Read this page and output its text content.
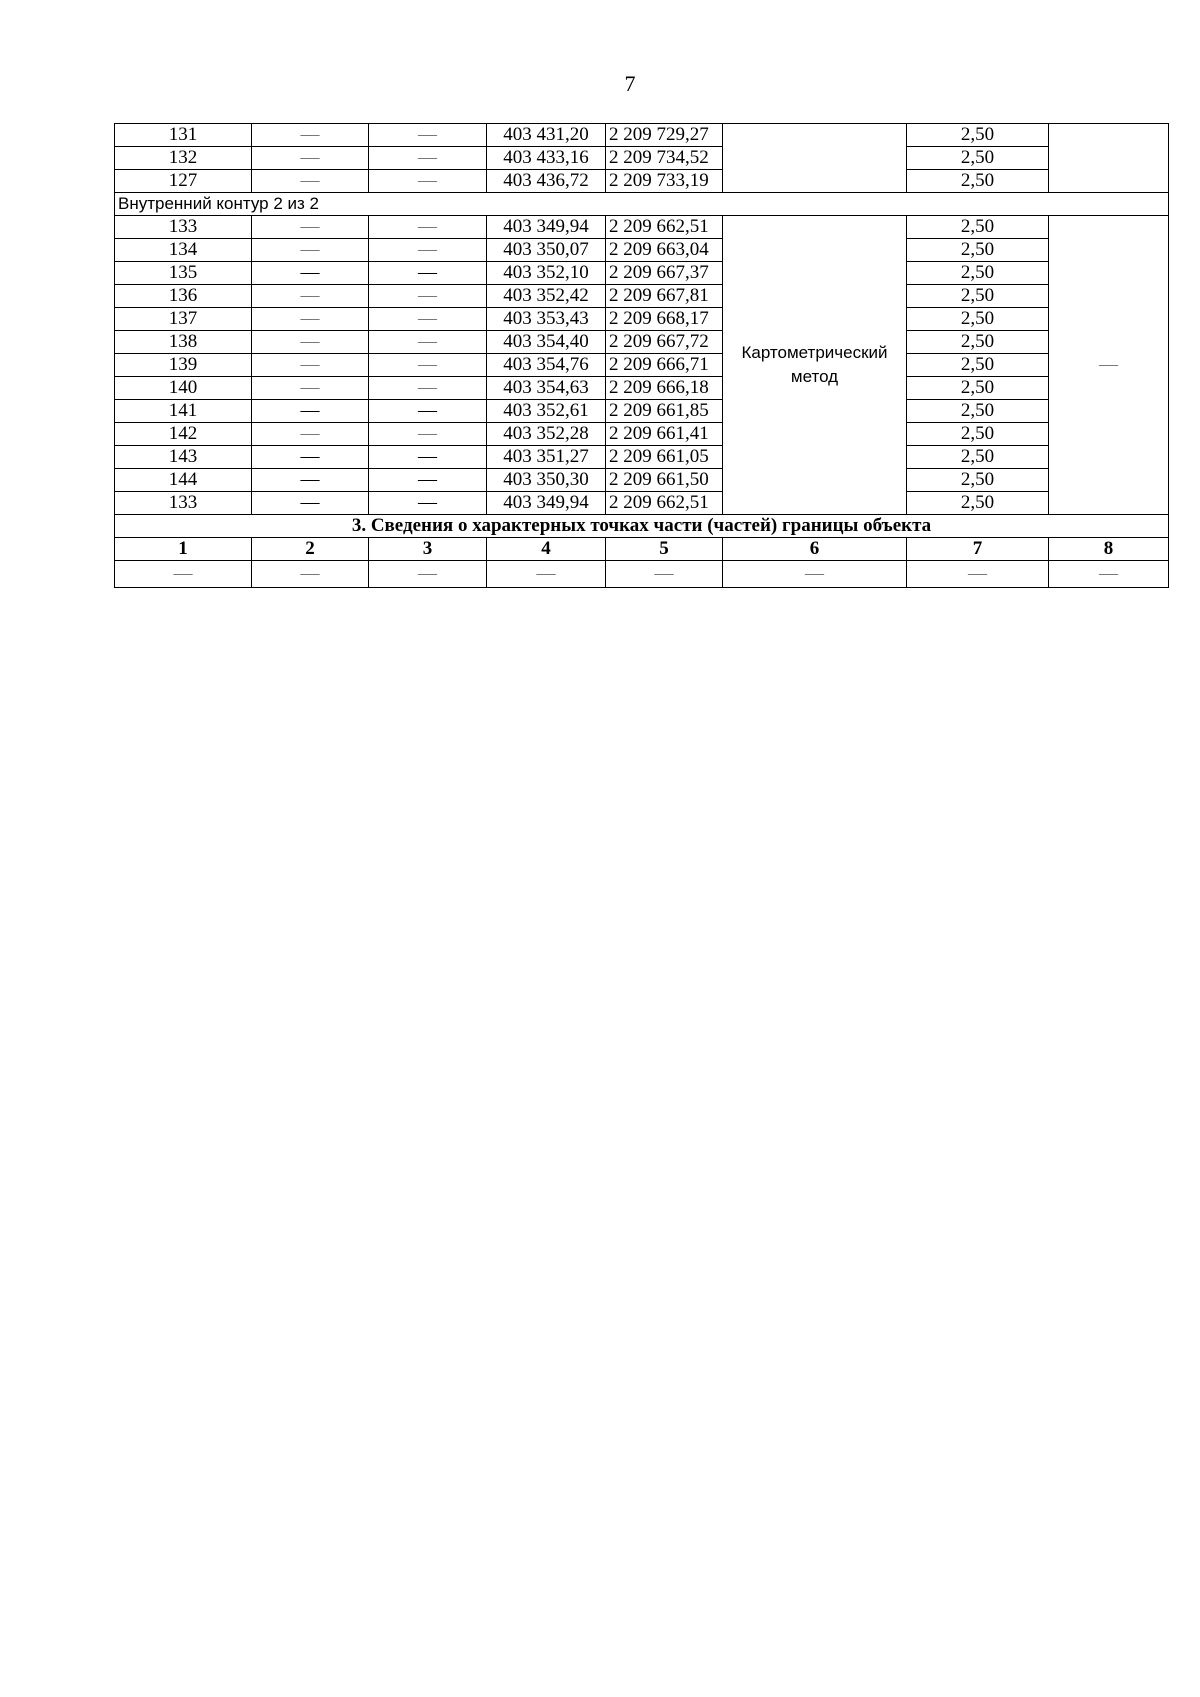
7
131	—	—	403 431,20	2 209 729,27		2,50	
132	—	—	403 433,16	2 209 734,52		2,50	
127	—	—	403 436,72	2 209 733,19		2,50	
Внутренний контур 2 из 2							
133	—	—	403 349,94	2 209 662,51	Картометрический метод	2,50	—
134	—	—	403 350,07	2 209 663,04		2,50	
135	—	—	403 352,10	2 209 667,37		2,50	
136	—	—	403 352,42	2 209 667,81		2,50	
137	—	—	403 353,43	2 209 668,17		2,50	
138	—	—	403 354,40	2 209 667,72		2,50	
139	—	—	403 354,76	2 209 666,71		2,50	
140	—	—	403 354,63	2 209 666,18		2,50	
141	—	—	403 352,61	2 209 661,85		2,50	
142	—	—	403 352,28	2 209 661,41		2,50	
143	—	—	403 351,27	2 209 661,05		2,50	
144	—	—	403 350,30	2 209 661,50		2,50	
133	—	—	403 349,94	2 209 662,51		2,50	
3. Сведения о характерных точках части (частей) границы объекта							
1	2	3	4	5	6	7	8
—	—	—	—	—	—	—	—
